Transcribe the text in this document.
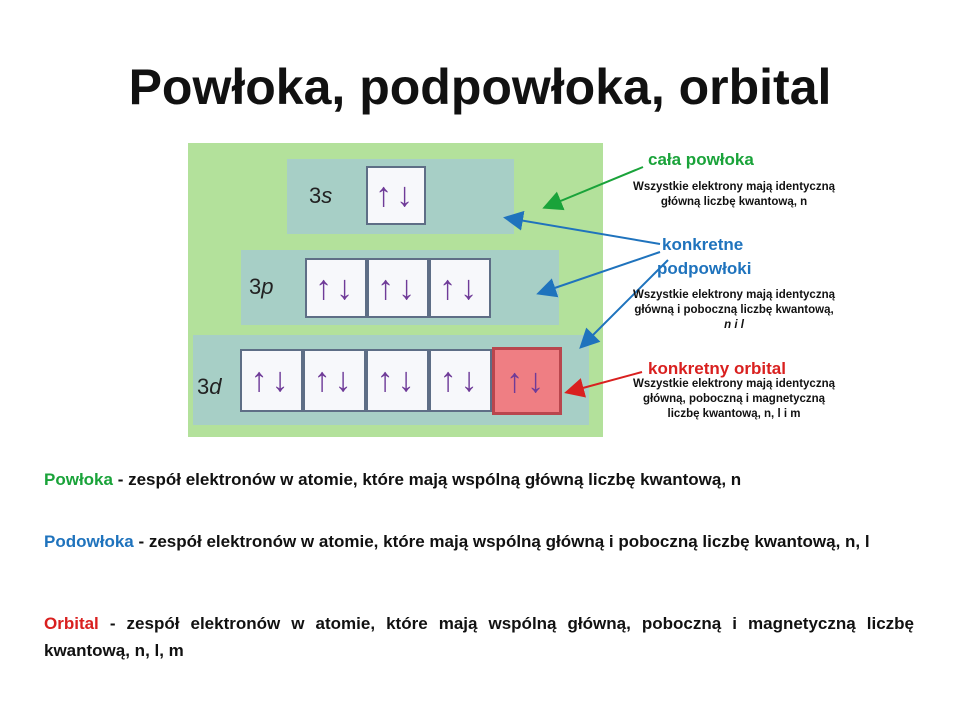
Powłoka, podpowłoka, orbital
3s ↑↓
3p ↑↓ ↑↓ ↑↓
3d ↑↓ ↑↓ ↑↓ ↑↓ ↑↓
cała powłoka
Wszystkie elektrony mają identyczną
główną liczbę kwantową, n
konkretne
podpowłoki
Wszystkie elektrony mają identyczną
główną i poboczną liczbę kwantową,
n i l
konkretny orbital
Wszystkie elektrony mają identyczną
główną, poboczną i magnetyczną
liczbę kwantową, n, l i m
Powłoka - zespół elektronów w atomie, które mają wspólną główną liczbę kwantową, n
Podowłoka - zespół elektronów w atomie, które mają wspólną główną i poboczną liczbę kwantową, n, l
Orbital - zespół elektronów w atomie, które mają wspólną główną, poboczną i magnetyczną liczbę kwantową, n, l, m
